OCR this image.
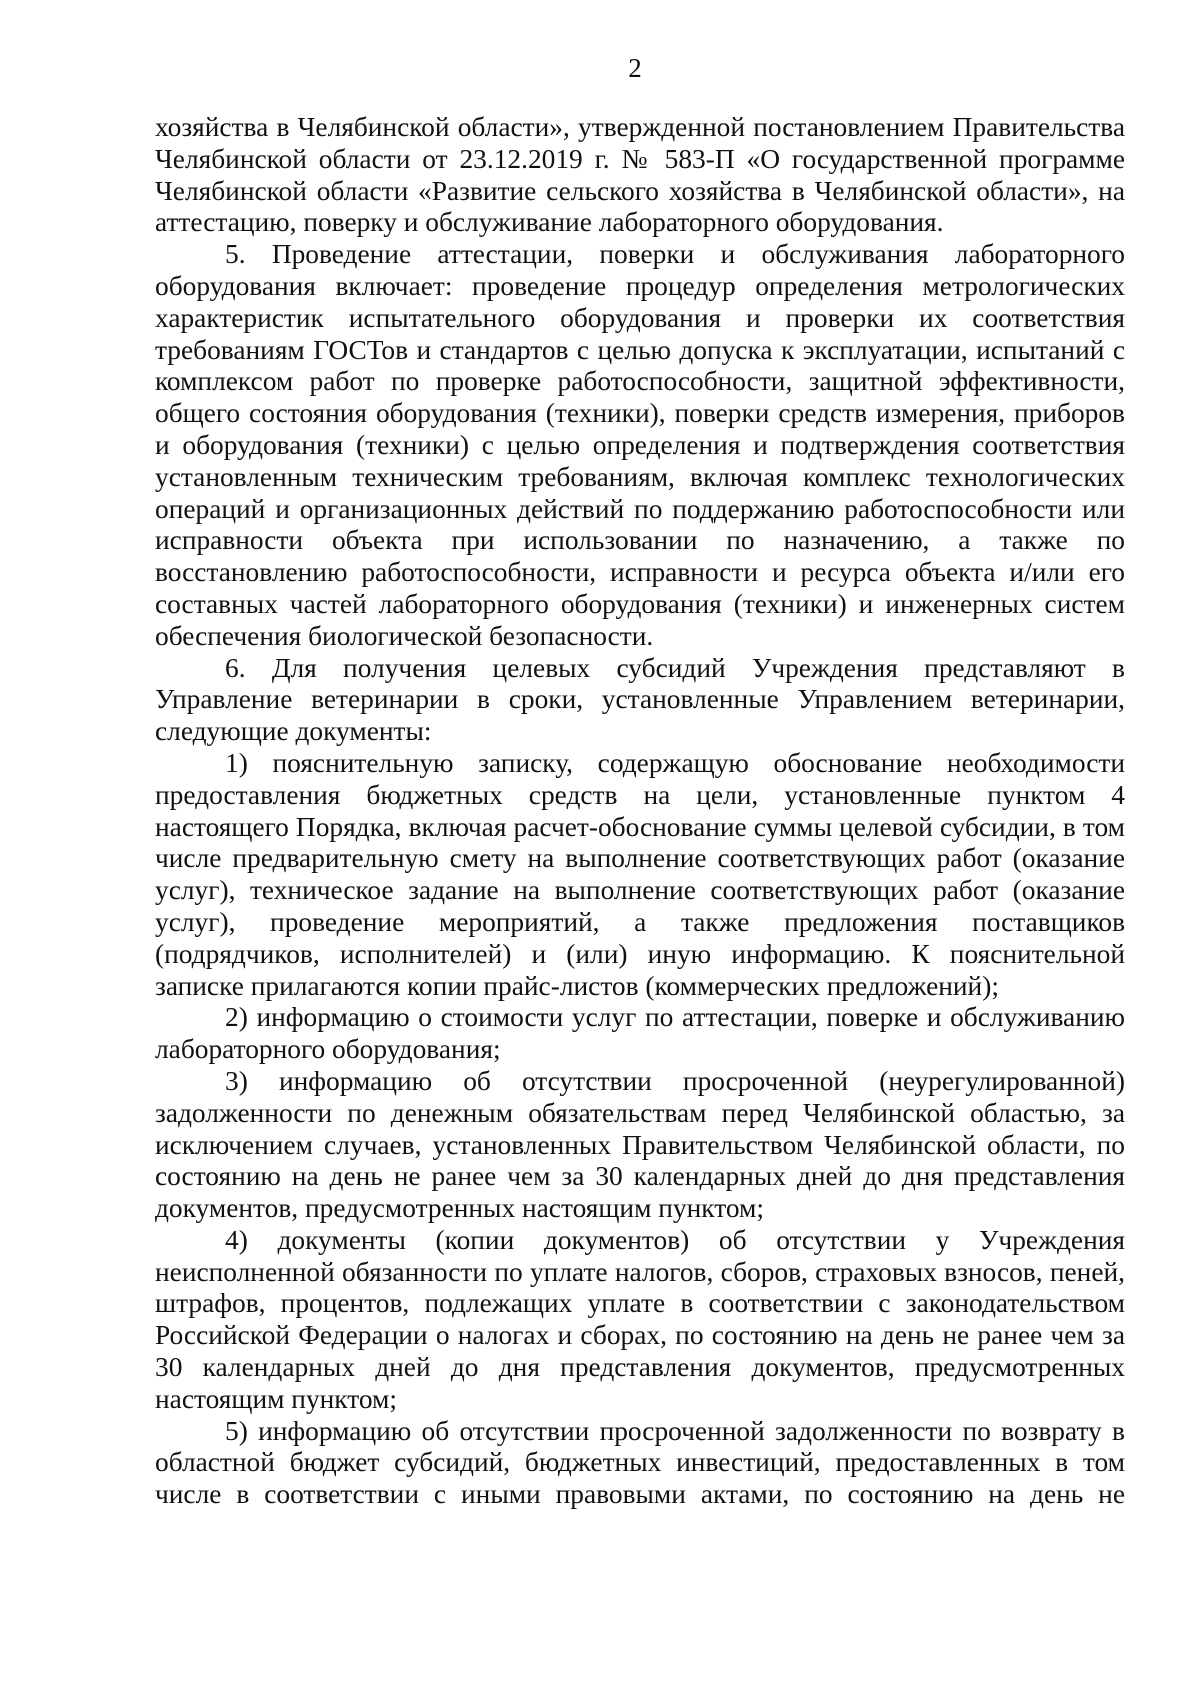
2

хозяйства в Челябинской области», утвержденной постановлением Правительства Челябинской области от 23.12.2019 г. № 583-П «О государственной программе Челябинской области «Развитие сельского хозяйства в Челябинской области», на аттестацию, поверку и обслуживание лабораторного оборудования.

5. Проведение аттестации, поверки и обслуживания лабораторного оборудования включает: проведение процедур определения метрологических характеристик испытательного оборудования и проверки их соответствия требованиям ГОСТов и стандартов с целью допуска к эксплуатации, испытаний с комплексом работ по проверке работоспособности, защитной эффективности, общего состояния оборудования (техники), поверки средств измерения, приборов и оборудования (техники) с целью определения и подтверждения соответствия установленным техническим требованиям, включая комплекс технологических операций и организационных действий по поддержанию работоспособности или исправности объекта при использовании по назначению, а также по восстановлению работоспособности, исправности и ресурса объекта и/или его составных частей лабораторного оборудования (техники) и инженерных систем обеспечения биологической безопасности.

6. Для получения целевых субсидий Учреждения представляют в Управление ветеринарии в сроки, установленные Управлением ветеринарии, следующие документы:

1) пояснительную записку, содержащую обоснование необходимости предоставления бюджетных средств на цели, установленные пунктом 4 настоящего Порядка, включая расчет-обоснование суммы целевой субсидии, в том числе предварительную смету на выполнение соответствующих работ (оказание услуг), техническое задание на выполнение соответствующих работ (оказание услуг), проведение мероприятий, а также предложения поставщиков (подрядчиков, исполнителей) и (или) иную информацию. К пояснительной записке прилагаются копии прайс-листов (коммерческих предложений);

2) информацию о стоимости услуг по аттестации, поверке и обслуживанию лабораторного оборудования;

3) информацию об отсутствии просроченной (неурегулированной) задолженности по денежным обязательствам перед Челябинской областью, за исключением случаев, установленных Правительством Челябинской области, по состоянию на день не ранее чем за 30 календарных дней до дня представления документов, предусмотренных настоящим пунктом;

4) документы (копии документов) об отсутствии у Учреждения неисполненной обязанности по уплате налогов, сборов, страховых взносов, пеней, штрафов, процентов, подлежащих уплате в соответствии с законодательством Российской Федерации о налогах и сборах, по состоянию на день не ранее чем за 30 календарных дней до дня представления документов, предусмотренных настоящим пунктом;

5) информацию об отсутствии просроченной задолженности по возврату в областной бюджет субсидий, бюджетных инвестиций, предоставленных в том числе в соответствии с иными правовыми актами, по состоянию на день не
